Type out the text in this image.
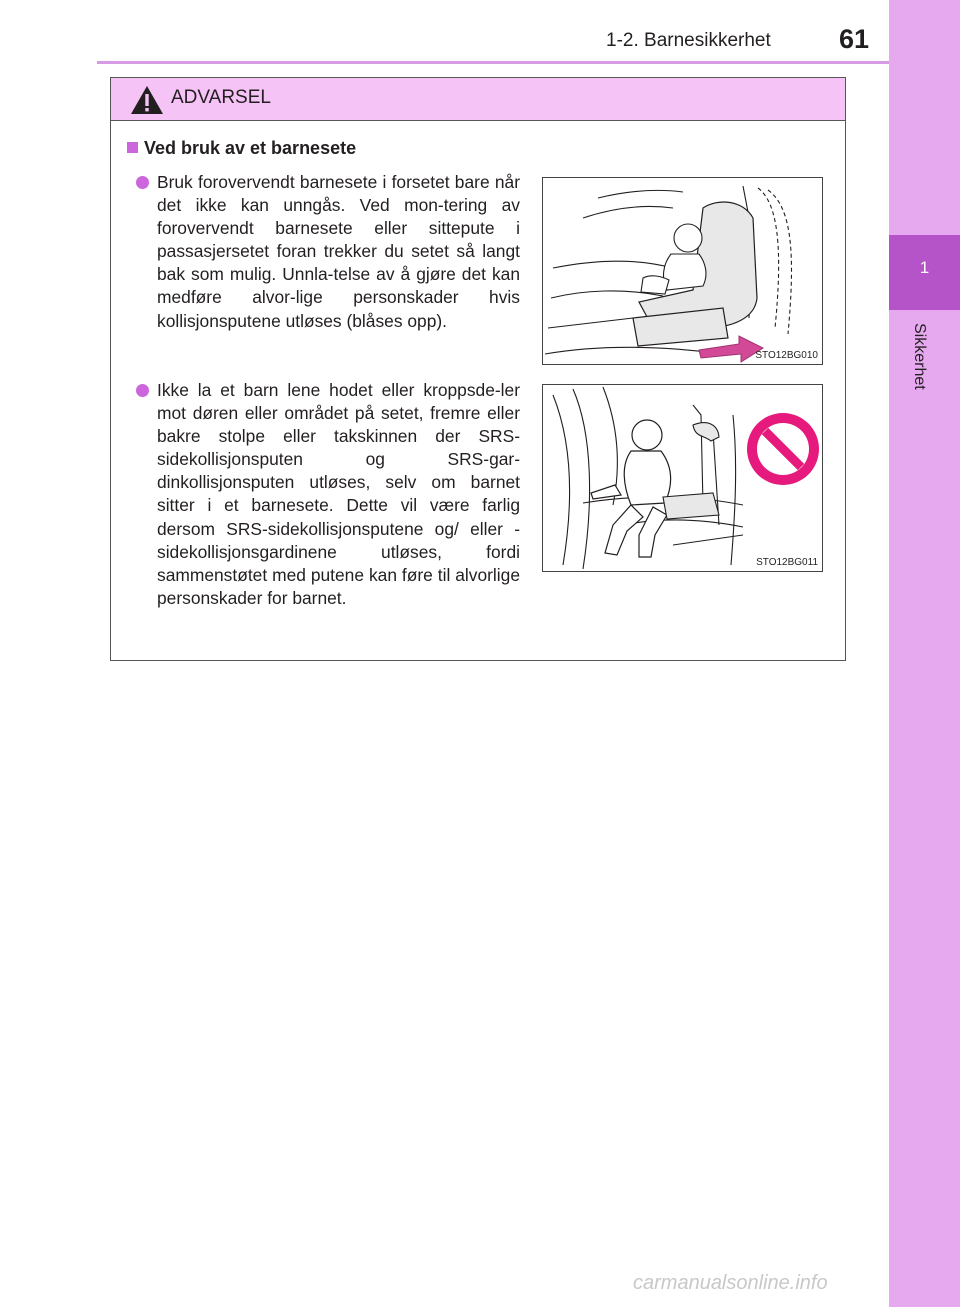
1
Sikkerhet
1-2. Barnesikkerhet	61
ADVARSEL
Ved bruk av et barnesete
Bruk forovervendt barnesete i forsetet bare når det ikke kan unngås. Ved mon-tering av forovervendt barnesete eller sittepute i passasjersetet foran trekker du setet så langt bak som mulig. Unnla-telse av å gjøre det kan medføre alvor-lige personskader hvis kollisjonsputene utløses (blåses opp).
STO12BG010
Ikke la et barn lene hodet eller kroppsde-ler mot døren eller området på setet, fremre eller bakre stolpe eller takskinnen der SRS-sidekollisjonsputen og SRS-gar-dinkollisjonsputen utløses, selv om barnet sitter i et barnesete. Dette vil være farlig dersom SRS-sidekollisjonsputene og/ eller -sidekollisjonsgardinene utløses, fordi sammenstøtet med putene kan føre til alvorlige personskader for barnet.
STO12BG011
carmanualsonline.info
